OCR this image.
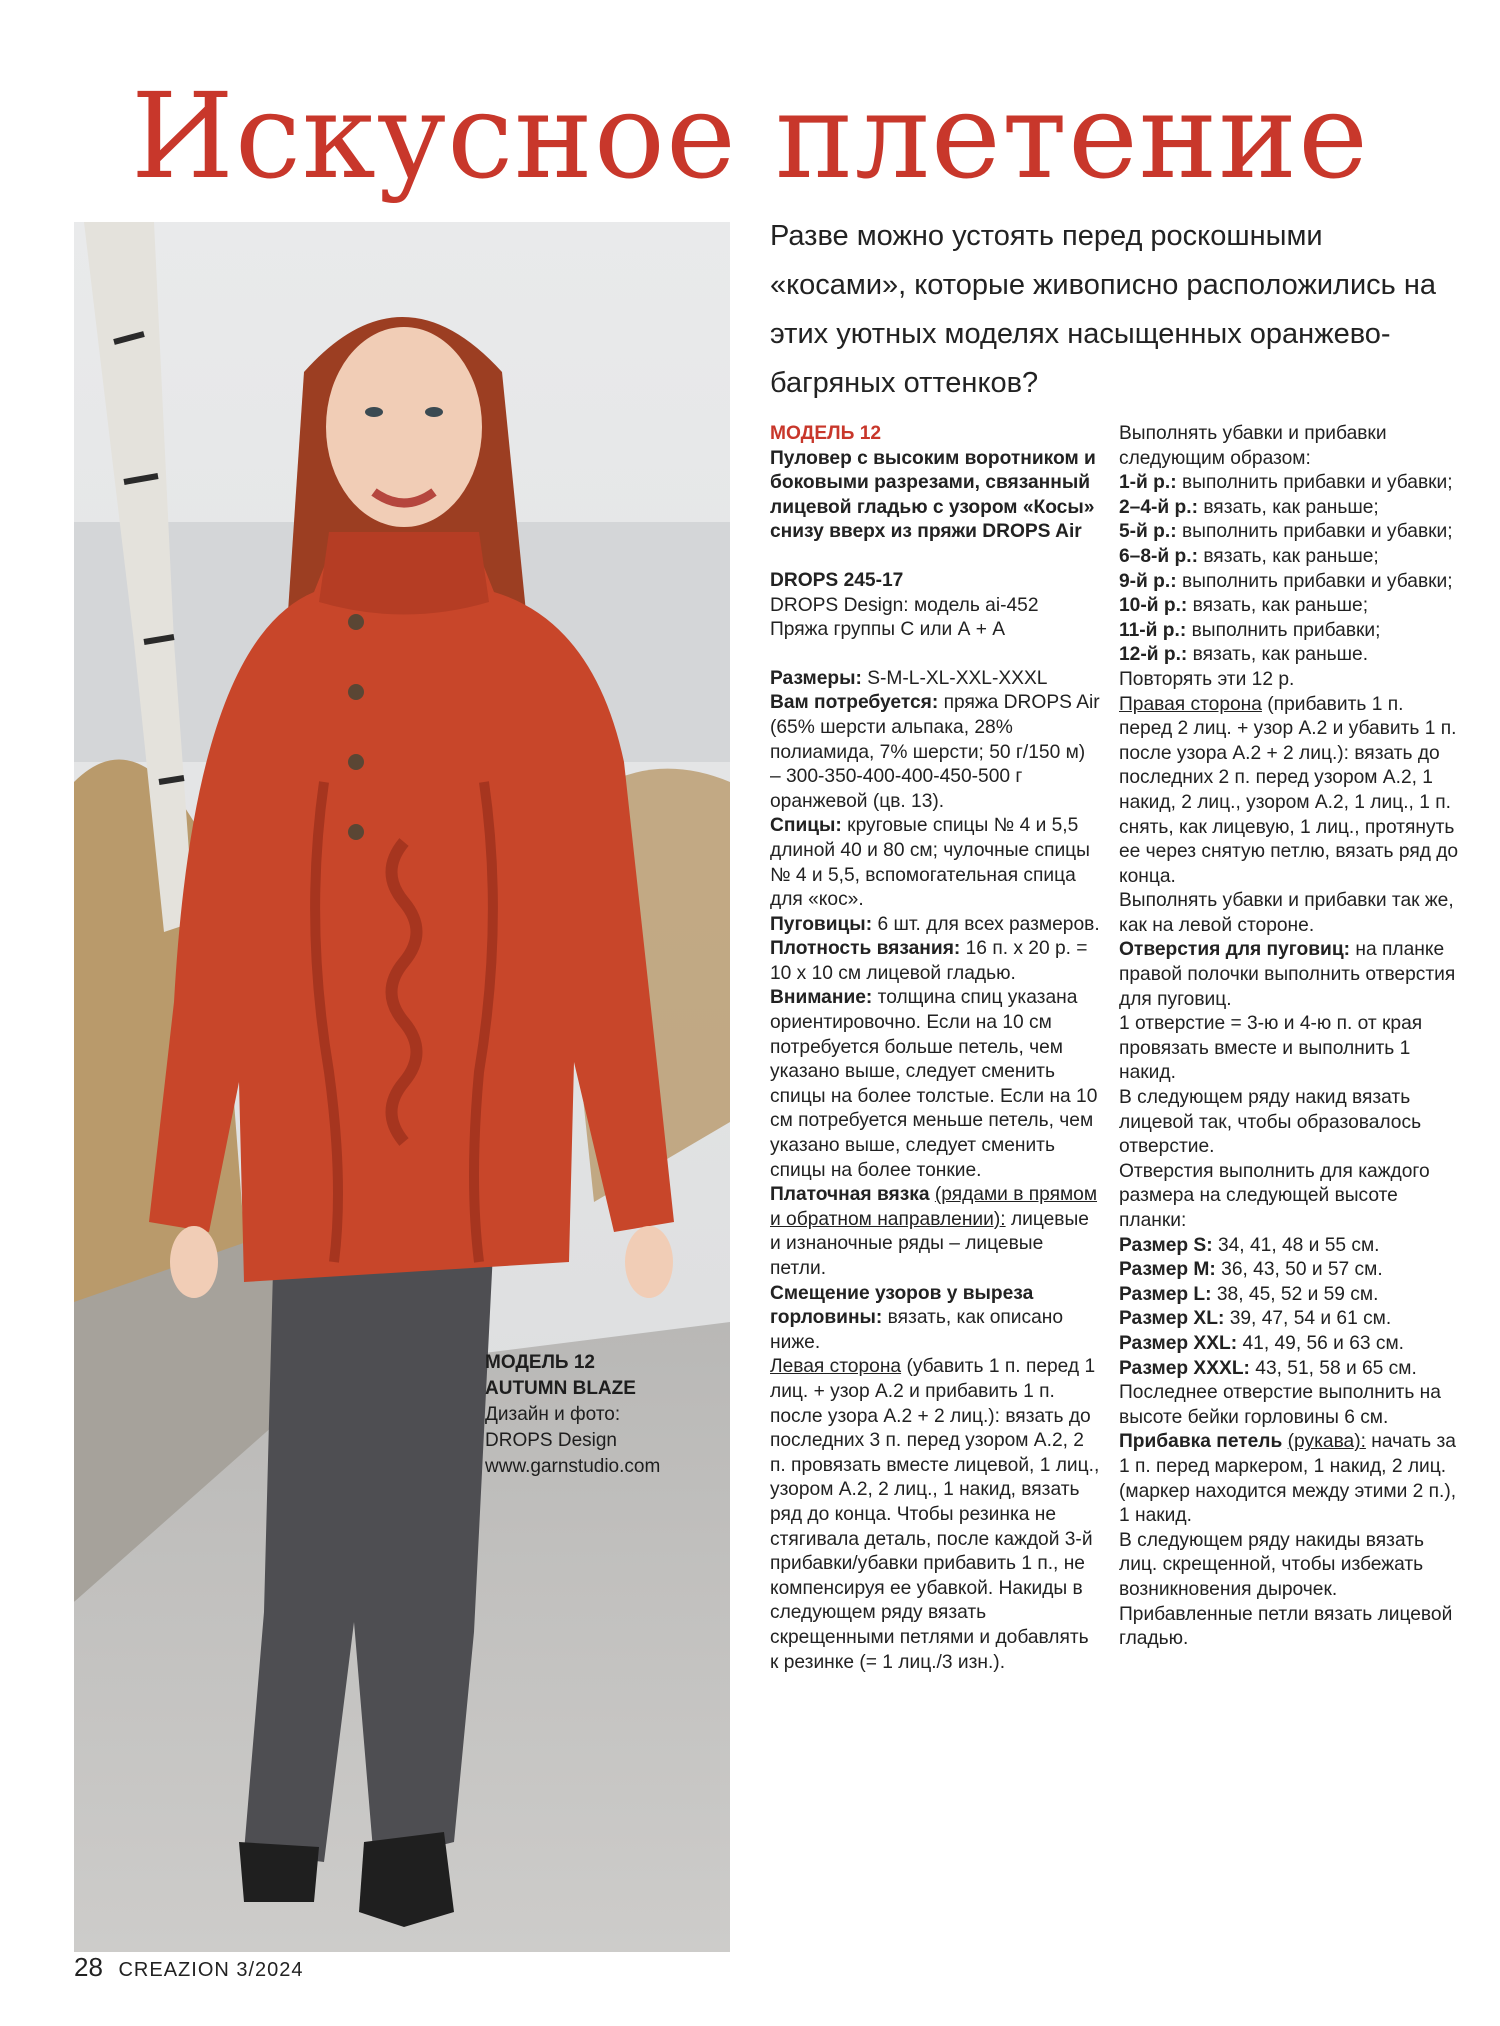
Искусное плетение
МОДЕЛЬ 12
AUTUMN BLAZE
Дизайн и фото:
DROPS Design
www.garnstudio.com
Разве можно устоять перед роскошными «косами», которые живописно расположились на этих уютных моделях насыщенных оранжево-багряных оттенков?

МОДЕЛЬ 12

Пуловер с высоким воротником и боковыми разрезами, связанный лицевой гладью с узором «Косы» снизу вверх из пряжи DROPS Air

DROPS 245-17

DROPS Design: модель ai-452

Пряжа группы С или А + А

Размеры: S-M-L-XL-XXL-XXXL

Вам потребуется: пряжа DROPS Air (65% шерсти альпака, 28% полиамида, 7% шерсти; 50 г/150 м) – 300-350-400-400-450-500 г оранжевой (цв. 13).

Спицы: круговые спицы № 4 и 5,5 длиной 40 и 80 см; чулочные спицы № 4 и 5,5, вспомогательная спица для «кос».

Пуговицы: 6 шт. для всех размеров.

Плотность вязания: 16 п. х 20 р. = 10 х 10 см лицевой гладью.

Внимание: толщина спиц указана ориентировочно. Если на 10 см потребуется больше петель, чем указано выше, следует сменить спицы на более толстые. Если на 10 см потребуется меньше петель, чем указано выше, следует сменить спицы на более тонкие.

Платочная вязка (рядами в прямом и обратном направлении): лицевые и изнаночные ряды – лицевые петли.

Смещение узоров у выреза горловины: вязать, как описано ниже.

Левая сторона (убавить 1 п. перед 1 лиц. + узор А.2 и прибавить 1 п. после узора А.2 + 2 лиц.): вязать до последних 3 п. перед узором А.2, 2 п. провязать вместе лицевой, 1 лиц., узором А.2, 2 лиц., 1 накид, вязать ряд до конца. Чтобы резинка не стягивала деталь, после каждой 3-й прибавки/убавки прибавить 1 п., не компенсируя ее убавкой. Накиды в следующем ряду вязать скрещенными петлями и добавлять к резинке (= 1 лиц./3 изн.).

Выполнять убавки и прибавки следующим образом:

1-й р.: выполнить прибавки и убавки;

2–4-й р.: вязать, как раньше;

5-й р.: выполнить прибавки и убавки;

6–8-й р.: вязать, как раньше;

9-й р.: выполнить прибавки и убавки;

10-й р.: вязать, как раньше;

11-й р.: выполнить прибавки;

12-й р.: вязать, как раньше.

Повторять эти 12 р.

Правая сторона (прибавить 1 п. перед 2 лиц. + узор А.2 и убавить 1 п. после узора А.2 + 2 лиц.): вязать до последних 2 п. перед узором А.2, 1 накид, 2 лиц., узором А.2, 1 лиц., 1 п. снять, как лицевую, 1 лиц., протянуть ее через снятую петлю, вязать ряд до конца.

Выполнять убавки и прибавки так же, как на левой стороне.

Отверстия для пуговиц: на планке правой полочки выполнить отверстия для пуговиц.

1 отверстие = 3-ю и 4-ю п. от края провязать вместе и выполнить 1 накид.

В следующем ряду накид вязать лицевой так, чтобы образовалось отверстие.

Отверстия выполнить для каждого размера на следующей высоте планки:

Размер S: 34, 41, 48 и 55 см.

Размер M: 36, 43, 50 и 57 см.

Размер L: 38, 45, 52 и 59 см.

Размер XL: 39, 47, 54 и 61 см.

Размер XXL: 41, 49, 56 и 63 см.

Размер XXXL: 43, 51, 58 и 65 см.

Последнее отверстие выполнить на высоте бейки горловины 6 см.

Прибавка петель (рукава): начать за 1 п. перед маркером, 1 накид, 2 лиц. (маркер находится между этими 2 п.), 1 накид.

В следующем ряду накиды вязать лиц. скрещенной, чтобы избежать возникновения дырочек. Прибавленные петли вязать лицевой гладью.

28 CREAZION 3/2024
